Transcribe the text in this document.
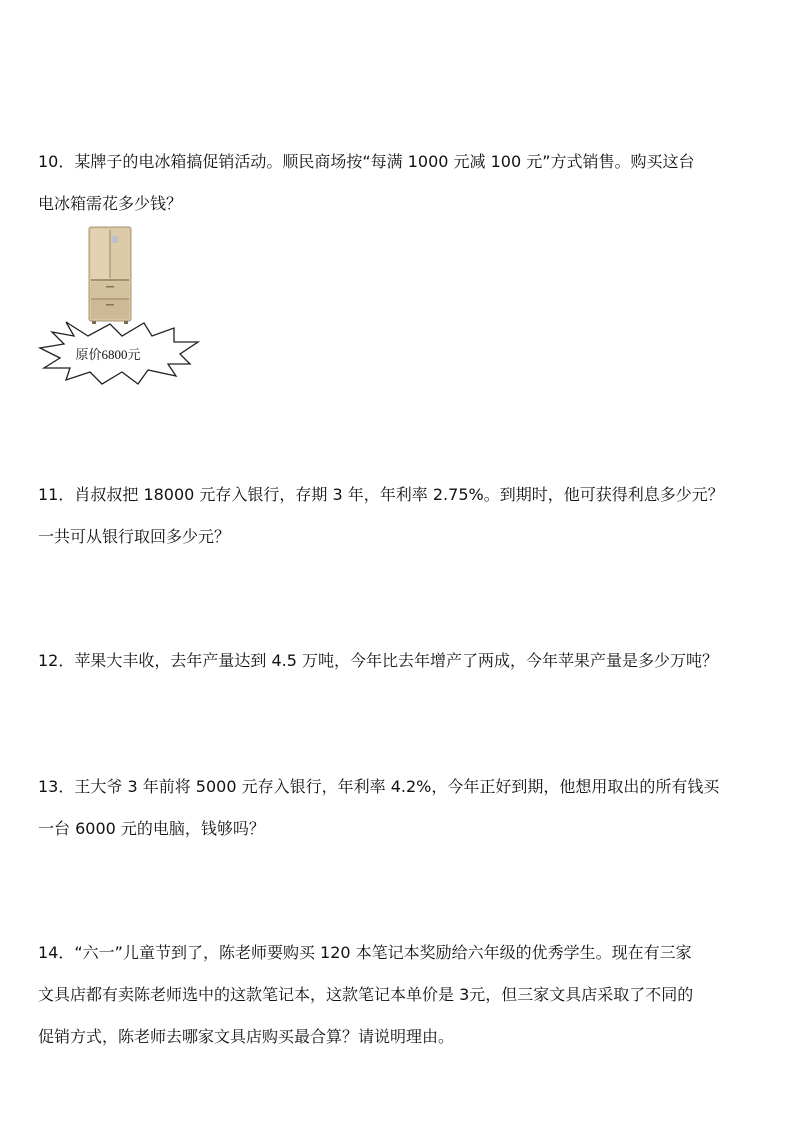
10．某牌子的电冰箱搞促销活动。顺民商场按“每满 1000 元减 100 元”方式销售。购买这台
电冰箱需花多少钱？
原价6800元
11．肖叔叔把 18000 元存入银行，存期 3 年，年利率 2.75%。到期时，他可获得利息多少元？
一共可从银行取回多少元？
12．苹果大丰收，去年产量达到 4.5 万吨，今年比去年增产了两成，今年苹果产量是多少万吨？
13．王大爷 3 年前将 5000 元存入银行，年利率 4.2%，今年正好到期，他想用取出的所有钱买
一台 6000 元的电脑，钱够吗？
14．“六一”儿童节到了，陈老师要购买 120 本笔记本奖励给六年级的优秀学生。现在有三家
文具店都有卖陈老师选中的这款笔记本，这款笔记本单价是 3元，但三家文具店采取了不同的
促销方式，陈老师去哪家文具店购买最合算？请说明理由。
